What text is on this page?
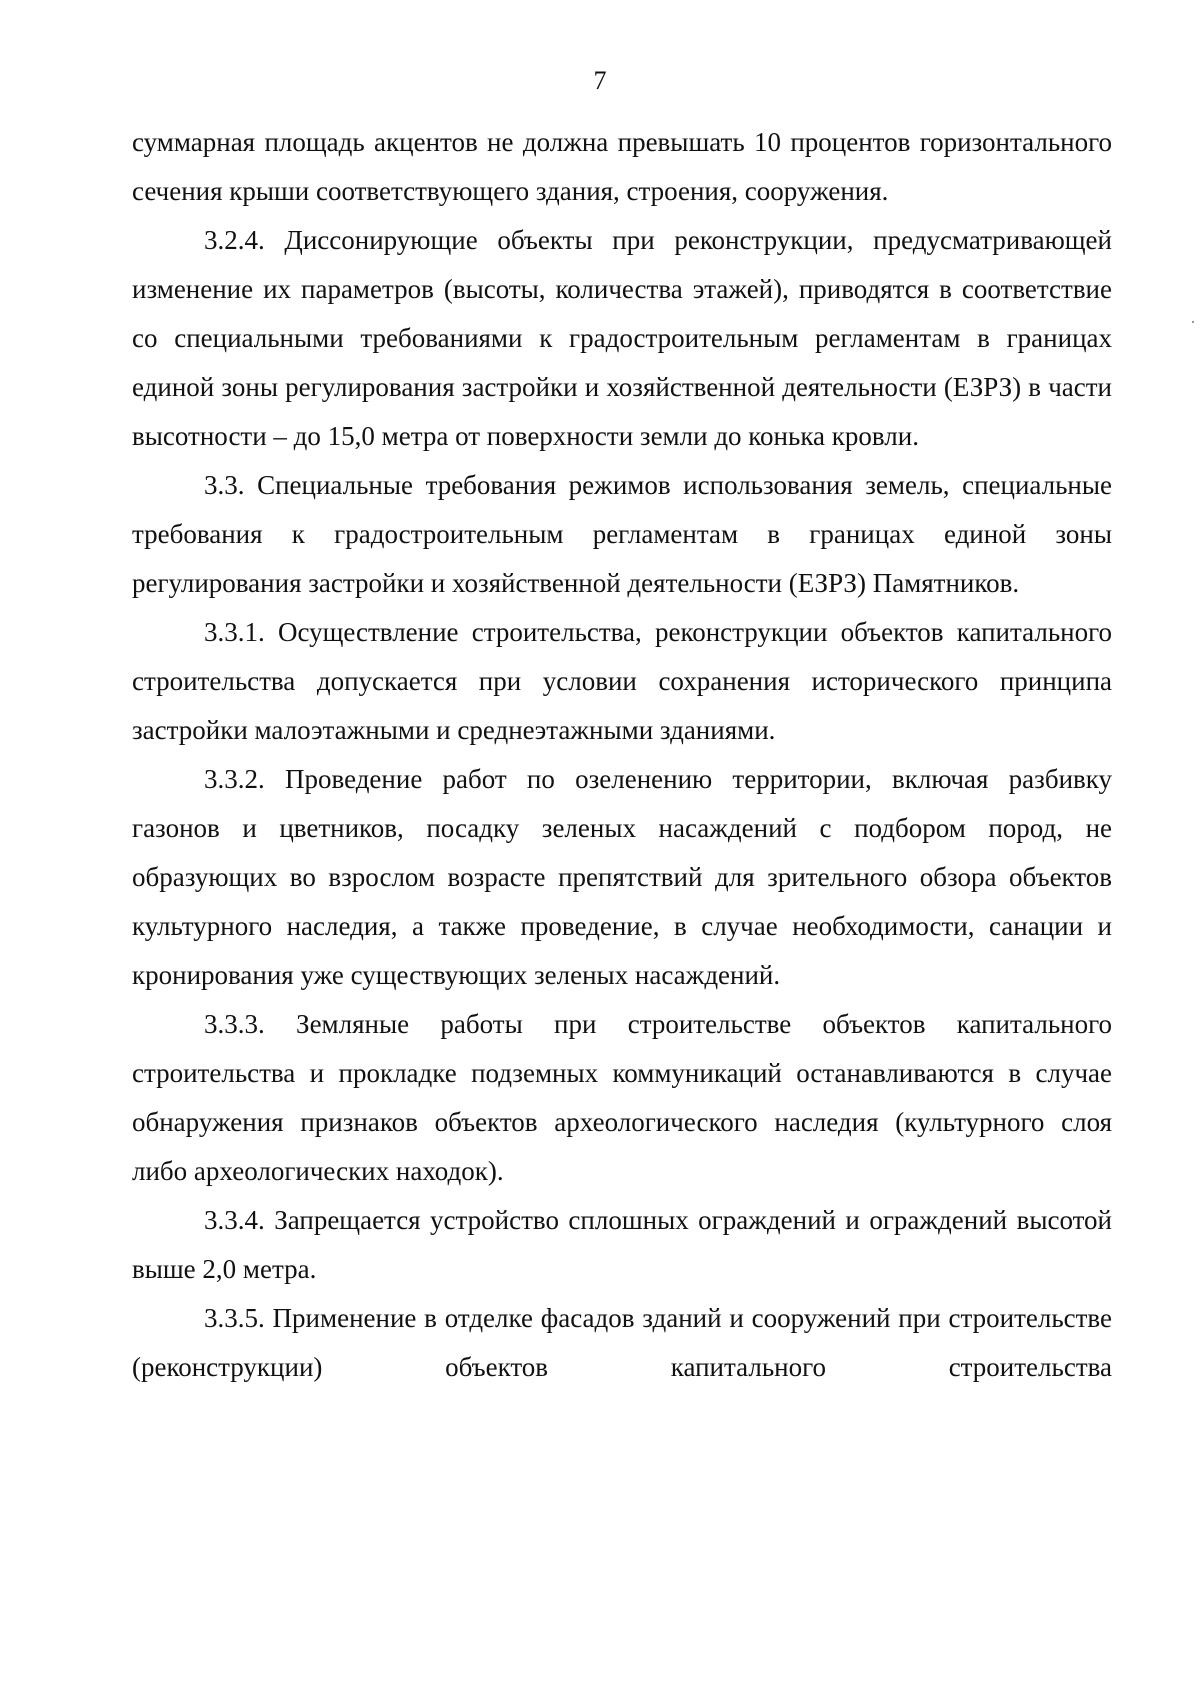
7

суммарная площадь акцентов не должна превышать 10 процентов горизонтального сечения крыши соответствующего здания, строения, сооружения.

3.2.4. Диссонирующие объекты при реконструкции, предусматривающей изменение их параметров (высоты, количества этажей), приводятся в соответствие со специальными требованиями к градостроительным регламентам в границах единой зоны регулирования застройки и хозяйственной деятельности (ЕЗРЗ) в части высотности – до 15,0 метра от поверхности земли до конька кровли.

3.3. Специальные требования режимов использования земель, специальные требования к градостроительным регламентам в границах единой зоны регулирования застройки и хозяйственной деятельности (ЕЗРЗ) Памятников.

3.3.1. Осуществление строительства, реконструкции объектов капитального строительства допускается при условии сохранения исторического принципа застройки малоэтажными и среднеэтажными зданиями.

3.3.2. Проведение работ по озеленению территории, включая разбивку газонов и цветников, посадку зеленых насаждений с подбором пород, не образующих во взрослом возрасте препятствий для зрительного обзора объектов культурного наследия, а также проведение, в случае необходимости, санации и кронирования уже существующих зеленых насаждений.

3.3.3. Земляные работы при строительстве объектов капитального строительства и прокладке подземных коммуникаций останавливаются в случае обнаружения признаков объектов археологического наследия (культурного слоя либо археологических находок).

3.3.4. Запрещается устройство сплошных ограждений и ограждений высотой выше 2,0 метра.

3.3.5. Применение в отделке фасадов зданий и сооружений при строительстве (реконструкции) объектов капитального строительства
